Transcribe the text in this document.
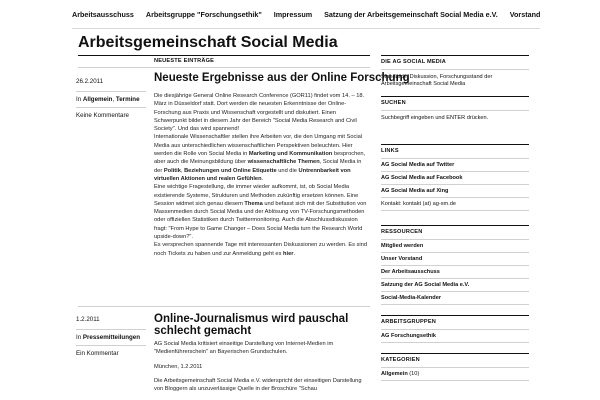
Arbeitsausschuss Arbeitsgruppe "Forschungsethik" Impressum Satzung der Arbeitsgemeinschaft Social Media e.V. Vorstand
Arbeitsgemeinschaft Social Media
NEUESTE EINTRÄGE
26.2.2011
In Allgemein, Termine
Keine Kommentare
Neueste Ergebnisse aus der Online Forschung

Die diesjährige General Online Research Conference (GOR11) findet vom 14. – 18. März in Düsseldorf statt. Dort werden die neuesten Erkenntnisse der Online-Forschung aus Praxis und Wissenschaft vorgestellt und diskutiert. Einen Schwerpunkt bildet in diesem Jahr der Bereich "Social Media Research and Civil Society". Und das wird spannend!

Internationale Wissenschaftler stellen ihre Arbeiten vor, die den Umgang mit Social Media aus unterschiedlichen wissenschaftlichen Perspektiven beleuchten. Hier werden die Rolle von Social Media in Marketing und Kommunikation besprochen, aber auch die Meinungsbildung über wissenschaftliche Themen, Social Media in der Politik, Beziehungen und Online Etiquette und die Untrennbarkeit von virtuellen Aktionen und realen Gefühlen.

Eine wichtige Fragestellung, die immer wieder aufkommt, ist, ob Social Media existierende Systeme, Strukturen und Methoden zukünftig ersetzen können. Eine Session widmet sich genau diesem Thema und befasst sich mit der Substitution von Massenmedien durch Social Media und der Ablösung von TV-Forschungsmethoden oder offiziellen Statistiken durch Twittermonitoring. Auch die Abschlussdiskussion fragt: "From Hype to Game Changer – Does Social Media turn the Research World upside-down?".

Es versprechen spannende Tage mit interessanten Diskussionen zu werden. Es sind noch Tickets zu haben und zur Anmeldung geht es hier.

1.2.2011
In Pressemitteilungen
Ein Kommentar
Online-Journalismus wird pauschal schlecht gemacht

AG Social Media kritisiert einseitige Darstellung von Internet-Medien im "Medienführerschein" an Bayerischen Grundschulen.

München, 1.2.2011

Die Arbeitsgemeinschaft Social Media e.V. widerspricht der einseitigen Darstellung von Bloggern als unzuverlässige Quelle in der Broschüre "Schau

DIE AG SOCIAL MEDIA
Standards, Diskussion, Forschungsstand der Arbeitsgemeinschaft Social Media
SUCHEN
Suchbegriff eingeben und ENTER drücken.
LINKS
AG Social Media auf Twitter
AG Social Media auf Facebook
AG Social Media auf Xing
Kontakt: kontakt (at) ag-sm.de
RESSOURCEN
Mitglied werden
Unser Vorstand
Der Arbeitsausschuss
Satzung der AG Social Media e.V.
Social-Media-Kalender
ARBEITSGRUPPEN
AG Forschungsethik
KATEGORIEN
Allgemein (10)
